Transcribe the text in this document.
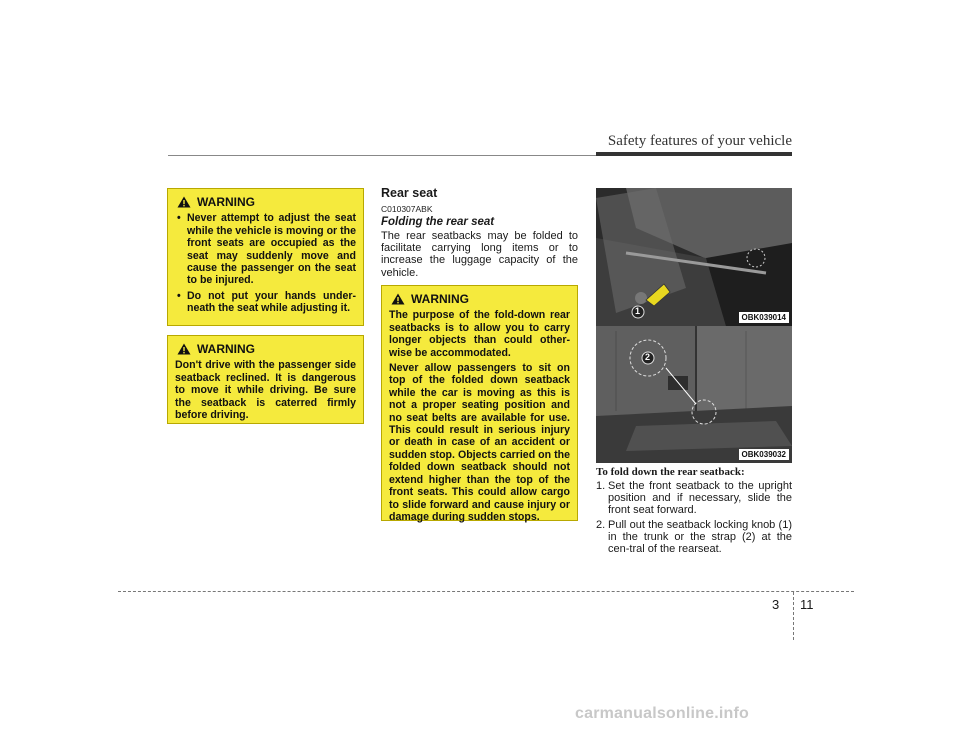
Safety features of your vehicle
WARNING
• Never attempt to adjust the seat while the vehicle is moving or the front seats are occupied as the seat may suddenly move and cause the passenger on the seat to be injured.
• Do not put your hands under-neath the seat while adjusting it.
WARNING

Don't drive with the passenger side seatback reclined. It is dangerous to move it while driving. Be sure the seatback is caterred firmly before driving.

Rear seat
C010307ABK
Folding the rear seat
The rear seatbacks may be folded to facilitate carrying long items or to increase the luggage capacity of the vehicle.
WARNING

The purpose of the fold-down rear seatbacks is to allow you to carry longer objects than could other-wise be accommodated.

Never allow passengers to sit on top of the folded down seatback while the car is moving as this is not a proper seating position and no seat belts are available for use. This could result in serious injury or death in case of an accident or sudden stop. Objects carried on the folded down seatback should not extend higher than the top of the front seats. This could allow cargo to slide forward and cause injury or damage during sudden stops.

1
OBK039014
2
OBK039032
To fold down the rear seatback:
1. Set the front seatback to the upright position and if necessary, slide the front seat forward.
2. Pull out the seatback locking knob (1) in the trunk or the strap (2) at the cen-tral of the rearseat.
3 11
carmanualsonline.info
